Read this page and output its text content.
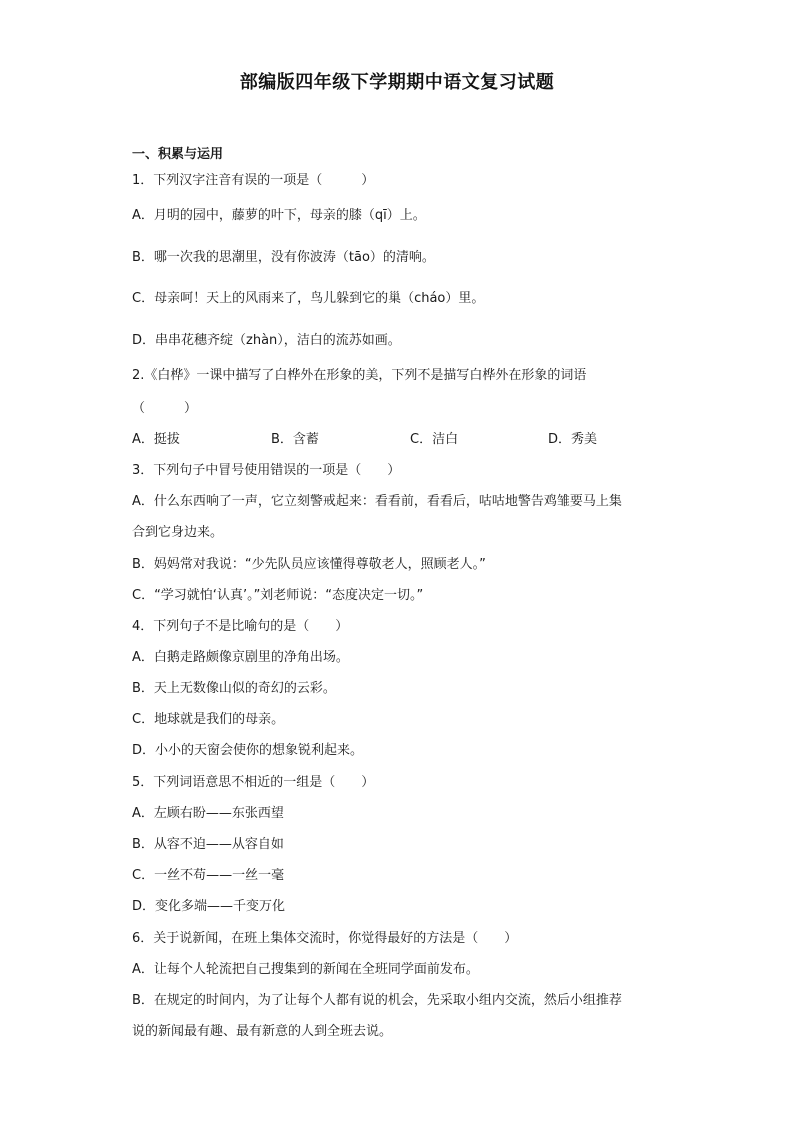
部编版四年级下学期期中语文复习试题
一、积累与运用
1．下列汉字注音有误的一项是（　　　）
A．月明的园中，藤萝的叶下，母亲的膝（qī）上。
B．哪一次我的思潮里，没有你波涛（tāo）的清响。
C．母亲呵！天上的风雨来了，鸟儿躲到它的巢（cháo）里。
D．串串花穗齐绽（zhàn），洁白的流苏如画。
2.《白桦》一课中描写了白桦外在形象的美，下列不是描写白桦外在形象的词语
（　　　）
A．挺拔	B．含蓄	C．洁白	D．秀美
3．下列句子中冒号使用错误的一项是（　　）
A．什么东西响了一声，它立刻警戒起来：看看前，看看后，咕咕地警告鸡雏要马上集
合到它身边来。
B．妈妈常对我说：“少先队员应该懂得尊敬老人，照顾老人。”
C．“学习就怕‘认真’。”刘老师说：“态度决定一切。”
4．下列句子不是比喻句的是（　　）
A．白鹅走路颇像京剧里的净角出场。
B．天上无数像山似的奇幻的云彩。
C．地球就是我们的母亲。
D．小小的天窗会使你的想象锐利起来。
5．下列词语意思不相近的一组是（　　）
A．左顾右盼——东张西望
B．从容不迫——从容自如
C．一丝不苟——一丝一毫
D．变化多端——千变万化
6．关于说新闻，在班上集体交流时，你觉得最好的方法是（　　）
A．让每个人轮流把自己搜集到的新闻在全班同学面前发布。
B．在规定的时间内，为了让每个人都有说的机会，先采取小组内交流，然后小组推荐
说的新闻最有趣、最有新意的人到全班去说。
